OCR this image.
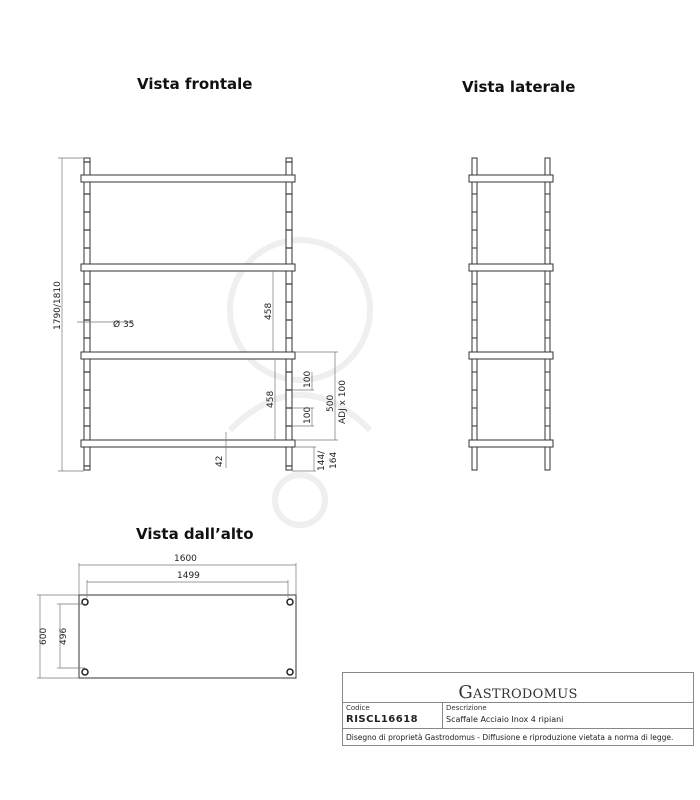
Vista frontale	Vista laterale
Vista dall’alto
1790/1810	Ø 35
458
458
100
100
500 ADJ x 100
42	144/ 164
1600
1499
600 496
GASTRODOMUS
Codice
RISCL16618
Descrizione
Scaffale Acciaio Inox 4 ripiani
Disegno di proprietà Gastrodomus - Diffusione e riproduzione vietata a norma di legge.
